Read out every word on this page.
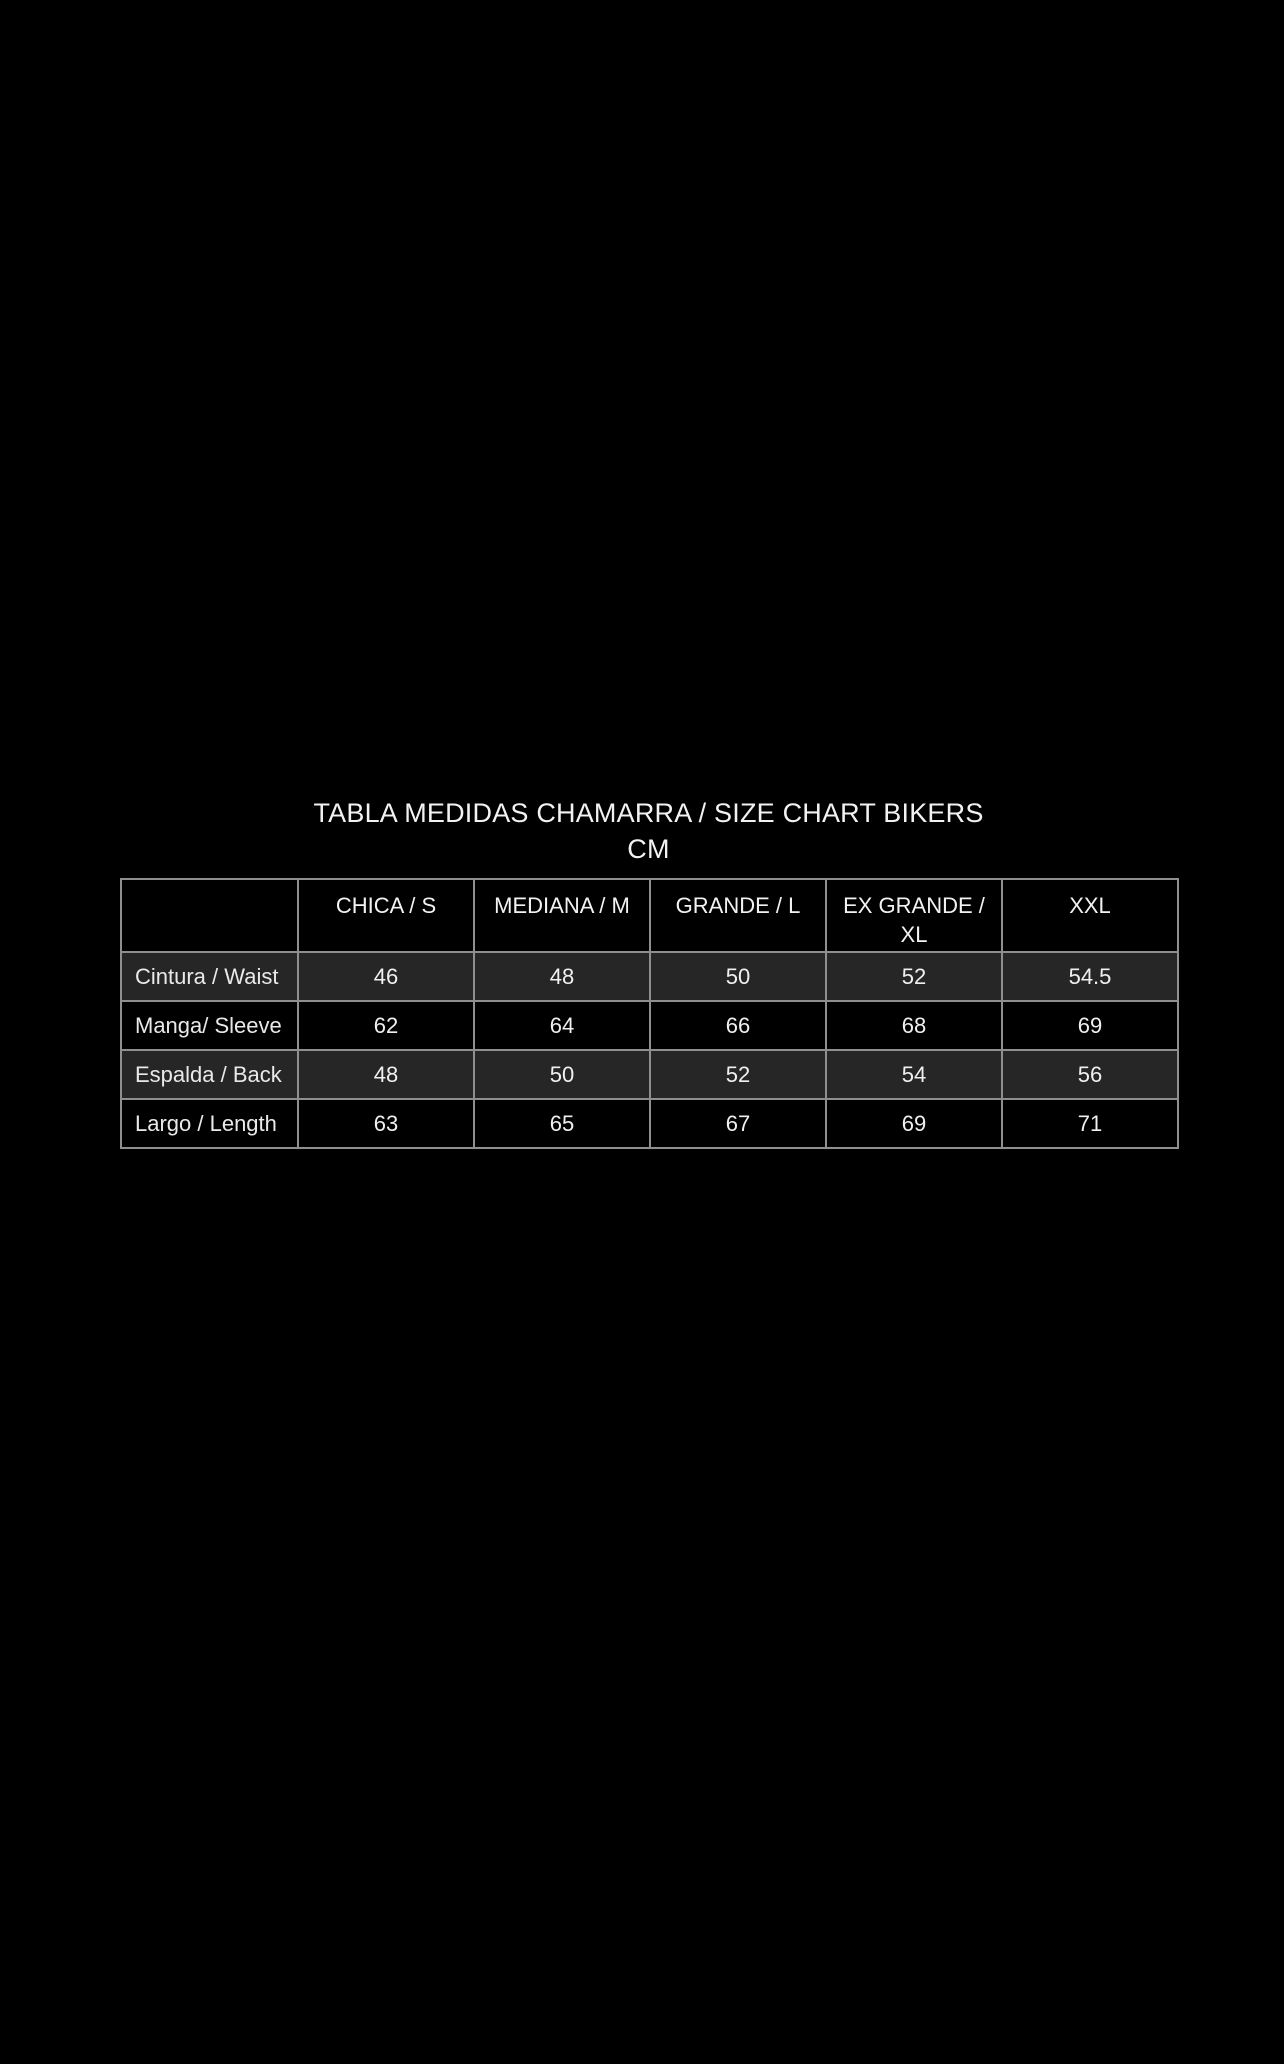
TABLA MEDIDAS CHAMARRA / SIZE CHART BIKERS
CM
	CHICA / S	MEDIANA / M	GRANDE / L	EX GRANDE / XL	XXL
Cintura / Waist	46	48	50	52	54.5
Manga/ Sleeve	62	64	66	68	69
Espalda / Back	48	50	52	54	56
Largo / Length	63	65	67	69	71
